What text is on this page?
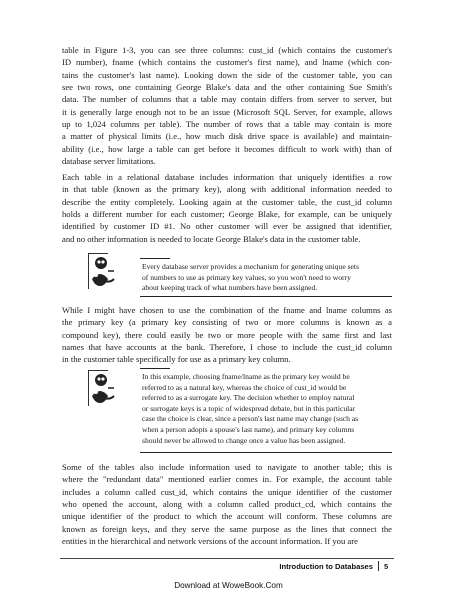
table in Figure 1-3, you can see three columns: cust_id (which contains the customer's
ID number), fname (which contains the customer's first name), and lname (which con-
tains the customer's last name). Looking down the side of the customer table, you can
see two rows, one containing George Blake's data and the other containing Sue Smith's
data. The number of columns that a table may contain differs from server to server, but
it is generally large enough not to be an issue (Microsoft SQL Server, for example, allows
up to 1,024 columns per table). The number of rows that a table may contain is more
a matter of physical limits (i.e., how much disk drive space is available) and maintain-
ability (i.e., how large a table can get before it becomes difficult to work with) than of
database server limitations.
Each table in a relational database includes information that uniquely identifies a row
in that table (known as the primary key), along with additional information needed to
describe the entity completely. Looking again at the customer table, the cust_id column
holds a different number for each customer; George Blake, for example, can be uniquely
identified by customer ID #1. No other customer will ever be assigned that identifier,
and no other information is needed to locate George Blake's data in the customer table.
Every database server provides a mechanism for generating unique sets
of numbers to use as primary key values, so you won't need to worry
about keeping track of what numbers have been assigned.
While I might have chosen to use the combination of the fname and lname columns as
the primary key (a primary key consisting of two or more columns is known as a
compound key), there could easily be two or more people with the same first and last
names that have accounts at the bank. Therefore, I chose to include the cust_id column
in the customer table specifically for use as a primary key column.
In this example, choosing fname/lname as the primary key would be
referred to as a natural key, whereas the choice of cust_id would be
referred to as a surrogate key. The decision whether to employ natural
or surrogate keys is a topic of widespread debate, but in this particular
case the choice is clear, since a person's last name may change (such as
when a person adopts a spouse's last name), and primary key columns
should never be allowed to change once a value has been assigned.
Some of the tables also include information used to navigate to another table; this is
where the "redundant data" mentioned earlier comes in. For example, the account table
includes a column called cust_id, which contains the unique identifier of the customer
who opened the account, along with a column called product_cd, which contains the
unique identifier of the product to which the account will conform. These columns are
known as foreign keys, and they serve the same purpose as the lines that connect the
entities in the hierarchical and network versions of the account information. If you are
Introduction to Databases 5
Download at WoweBook.Com
